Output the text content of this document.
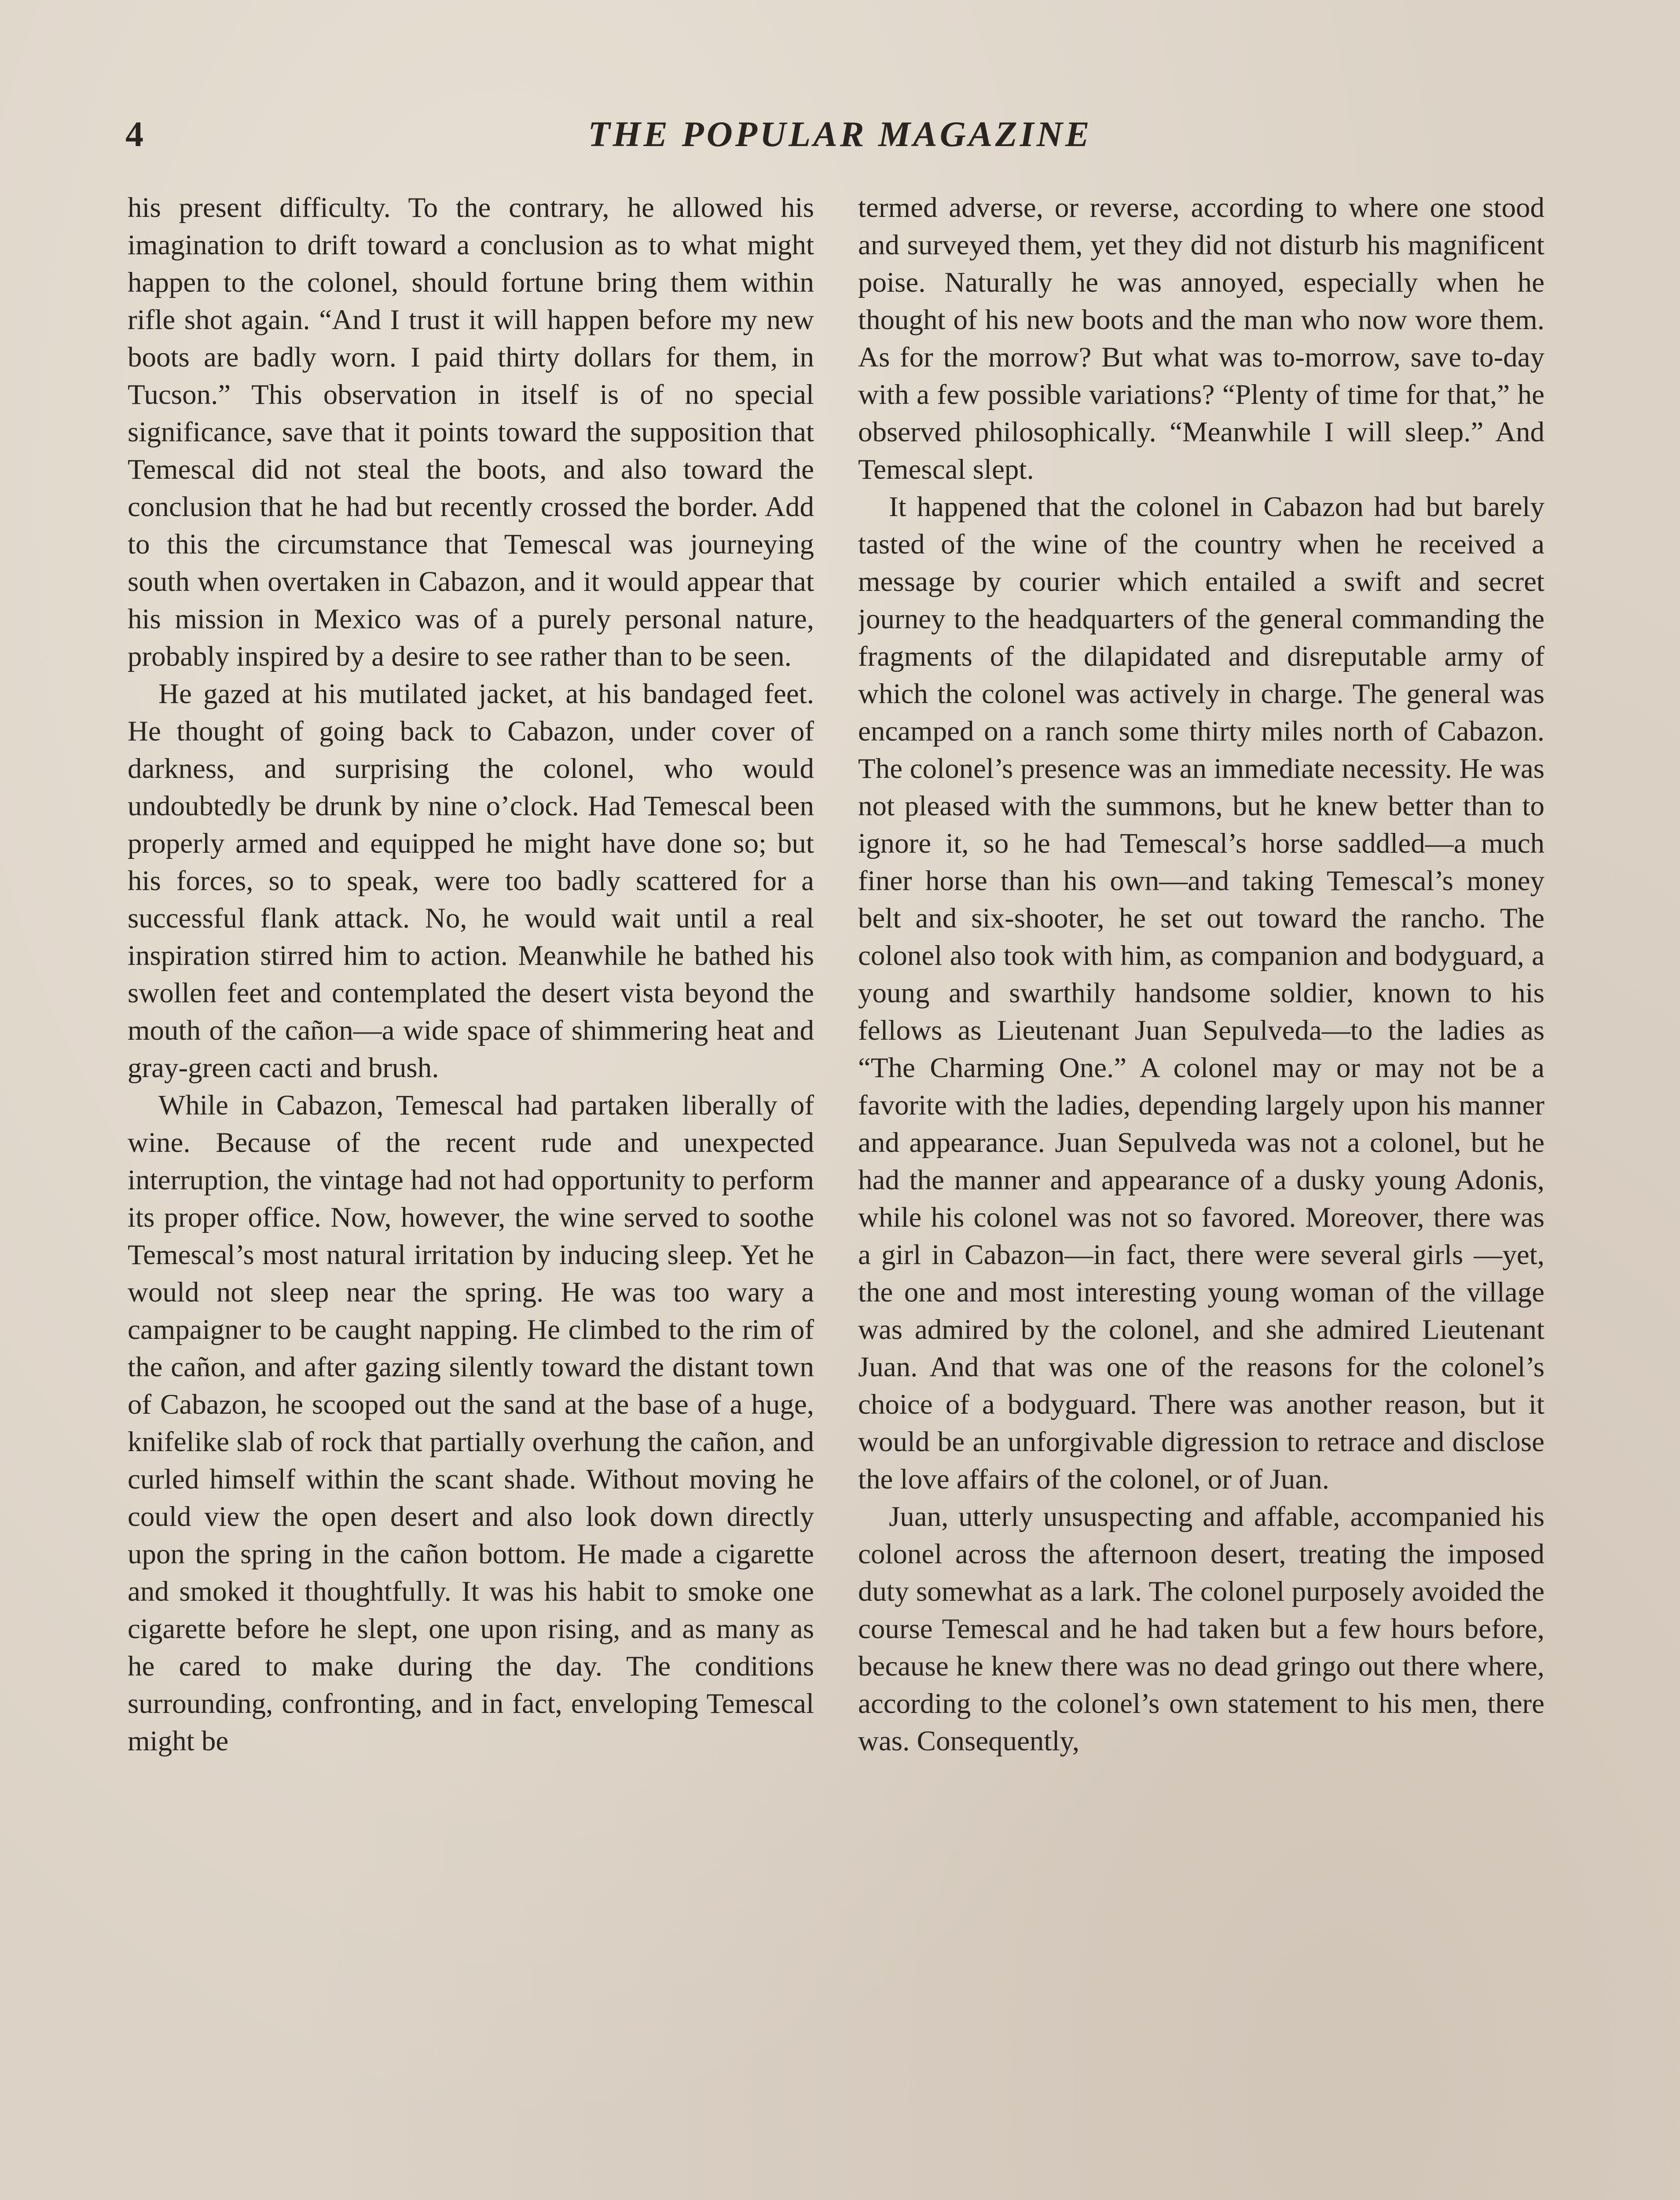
4	THE POPULAR MAGAZINE

his present difficulty. To the contrary, he allowed his imagination to drift toward a conclusion as to what might happen to the colonel, should fortune bring them within rifle shot again. “And I trust it will happen before my new boots are badly worn. I paid thirty dollars for them, in Tucson.” This observation in itself is of no special significance, save that it points toward the supposition that Temescal did not steal the boots, and also toward the conclusion that he had but recently crossed the border. Add to this the circumstance that Temescal was journeying south when overtaken in Cabazon, and it would appear that his mission in Mexico was of a purely personal nature, probably inspired by a desire to see rather than to be seen.

He gazed at his mutilated jacket, at his bandaged feet. He thought of going back to Cabazon, under cover of darkness, and surprising the colonel, who would undoubtedly be drunk by nine o’clock. Had Temescal been properly armed and equipped he might have done so; but his forces, so to speak, were too badly scattered for a successful flank attack. No, he would wait until a real inspiration stirred him to action. Meanwhile he bathed his swollen feet and contemplated the desert vista beyond the mouth of the cañon—a wide space of shimmering heat and gray-green cacti and brush.

While in Cabazon, Temescal had partaken liberally of wine. Because of the recent rude and unexpected interruption, the vintage had not had opportunity to perform its proper office. Now, however, the wine served to soothe Temescal’s most natural irritation by inducing sleep. Yet he would not sleep near the spring. He was too wary a campaigner to be caught napping. He climbed to the rim of the cañon, and after gazing silently toward the distant town of Cabazon, he scooped out the sand at the base of a huge, knifelike slab of rock that partially overhung the cañon, and curled himself within the scant shade. Without moving he could view the open desert and also look down directly upon the spring in the cañon bottom. He made a cigarette and smoked it thoughtfully. It was his habit to smoke one cigarette before he slept, one upon rising, and as many as he cared to make during the day. The conditions surrounding, confronting, and in fact, enveloping Temescal might be

termed adverse, or reverse, according to where one stood and surveyed them, yet they did not disturb his magnificent poise. Naturally he was annoyed, especially when he thought of his new boots and the man who now wore them. As for the morrow? But what was to-morrow, save to-day with a few possible variations? “Plenty of time for that,” he observed philosophically. “Meanwhile I will sleep.” And Temescal slept.

It happened that the colonel in Cabazon had but barely tasted of the wine of the country when he received a message by courier which entailed a swift and secret journey to the headquarters of the general commanding the fragments of the dilapidated and disreputable army of which the colonel was actively in charge. The general was encamped on a ranch some thirty miles north of Cabazon. The colonel’s presence was an immediate necessity. He was not pleased with the summons, but he knew better than to ignore it, so he had Temescal’s horse saddled—a much finer horse than his own—and taking Temescal’s money belt and six-shooter, he set out toward the rancho. The colonel also took with him, as companion and bodyguard, a young and swarthily handsome soldier, known to his fellows as Lieutenant Juan Sepulveda—to the ladies as “The Charming One.” A colonel may or may not be a favorite with the ladies, depending largely upon his manner and appearance. Juan Sepulveda was not a colonel, but he had the manner and appearance of a dusky young Adonis, while his colonel was not so favored. Moreover, there was a girl in Cabazon—in fact, there were several girls —yet, the one and most interesting young woman of the village was admired by the colonel, and she admired Lieutenant Juan. And that was one of the reasons for the colonel’s choice of a bodyguard. There was another reason, but it would be an unforgivable digression to retrace and disclose the love affairs of the colonel, or of Juan.

Juan, utterly unsuspecting and affable, accompanied his colonel across the afternoon desert, treating the imposed duty somewhat as a lark. The colonel purposely avoided the course Temescal and he had taken but a few hours before, because he knew there was no dead gringo out there where, according to the colonel’s own statement to his men, there was. Consequently,
